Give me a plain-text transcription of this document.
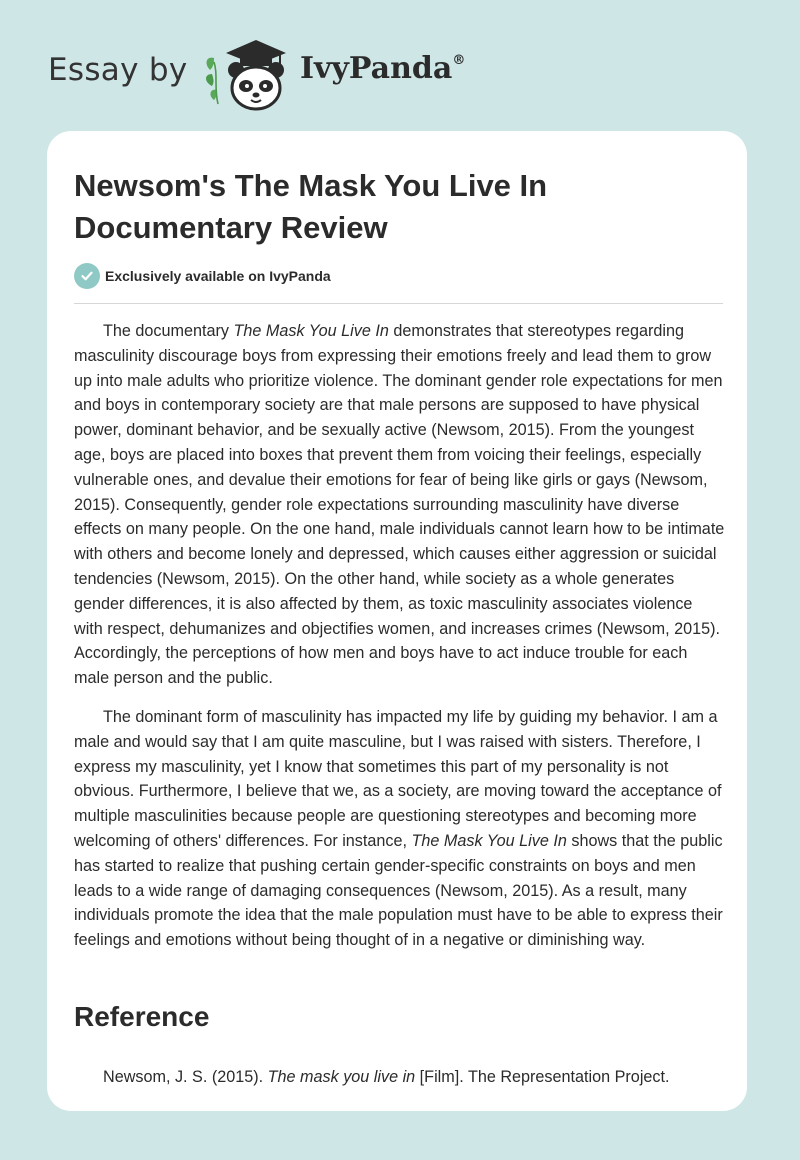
Essay by	IvyPanda®
Newsom's The Mask You Live In Documentary Review
Exclusively available on IvyPanda

The documentary The Mask You Live In demonstrates that stereotypes regarding masculinity discourage boys from expressing their emotions freely and lead them to grow up into male adults who prioritize violence. The dominant gender role expectations for men and boys in contemporary society are that male persons are supposed to have physical power, dominant behavior, and be sexually active (Newsom, 2015). From the youngest age, boys are placed into boxes that prevent them from voicing their feelings, especially vulnerable ones, and devalue their emotions for fear of being like girls or gays (Newsom, 2015). Consequently, gender role expectations surrounding masculinity have diverse effects on many people. On the one hand, male individuals cannot learn how to be intimate with others and become lonely and depressed, which causes either aggression or suicidal tendencies (Newsom, 2015). On the other hand, while society as a whole generates gender differences, it is also affected by them, as toxic masculinity associates violence with respect, dehumanizes and objectifies women, and increases crimes (Newsom, 2015). Accordingly, the perceptions of how men and boys have to act induce trouble for each male person and the public.

The dominant form of masculinity has impacted my life by guiding my behavior. I am a male and would say that I am quite masculine, but I was raised with sisters. Therefore, I express my masculinity, yet I know that sometimes this part of my personality is not obvious. Furthermore, I believe that we, as a society, are moving toward the acceptance of multiple masculinities because people are questioning stereotypes and becoming more welcoming of others' differences. For instance, The Mask You Live In shows that the public has started to realize that pushing certain gender-specific constraints on boys and men leads to a wide range of damaging consequences (Newsom, 2015). As a result, many individuals promote the idea that the male population must have to be able to express their feelings and emotions without being thought of in a negative or diminishing way.

Reference

Newsom, J. S. (2015). The mask you live in [Film]. The Representation Project.
